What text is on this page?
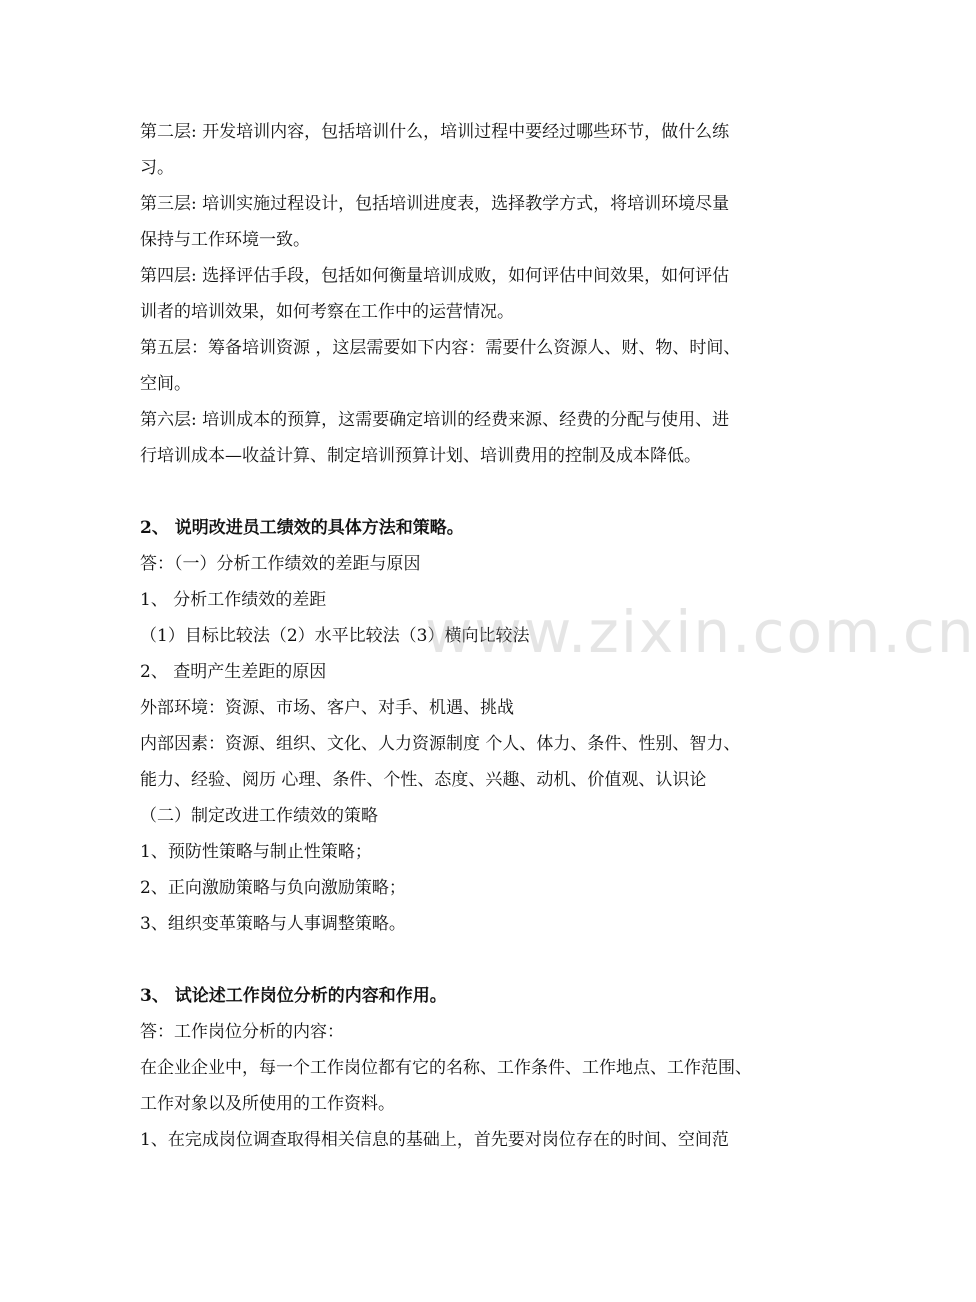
第二层: 开发培训内容，包括培训什么，培训过程中要经过哪些环节，做什么练
习。
第三层: 培训实施过程设计，包括培训进度表，选择教学方式，将培训环境尽量
保持与工作环境一致。
第四层: 选择评估手段，包括如何衡量培训成败，如何评估中间效果，如何评估
训者的培训效果，如何考察在工作中的运营情况。
第五层：筹备培训资源 ，这层需要如下内容：需要什么资源人、财、物、时间、
空间。
第六层: 培训成本的预算，这需要确定培训的经费来源、经费的分配与使用、进
行培训成本—收益计算、制定培训预算计划、培训费用的控制及成本降低。
2、 说明改进员工绩效的具体方法和策略。
答：（一）分析工作绩效的差距与原因
1、 分析工作绩效的差距
（1）目标比较法（2）水平比较法（3）横向比较法
2、 查明产生差距的原因
外部环境：资源、市场、客户、对手、机遇、挑战
内部因素：资源、组织、文化、人力资源制度 个人、体力、条件、性别、智力、
能力、经验、阅历 心理、条件、个性、态度、兴趣、动机、价值观、认识论
（二）制定改进工作绩效的策略
1、预防性策略与制止性策略；
2、正向激励策略与负向激励策略；
3、组织变革策略与人事调整策略。
3、 试论述工作岗位分析的内容和作用。
答：工作岗位分析的内容：
在企业企业中，每一个工作岗位都有它的名称、工作条件、工作地点、工作范围、
工作对象以及所使用的工作资料。
1、在完成岗位调查取得相关信息的基础上，首先要对岗位存在的时间、空间范
www.zixin.com.cn
